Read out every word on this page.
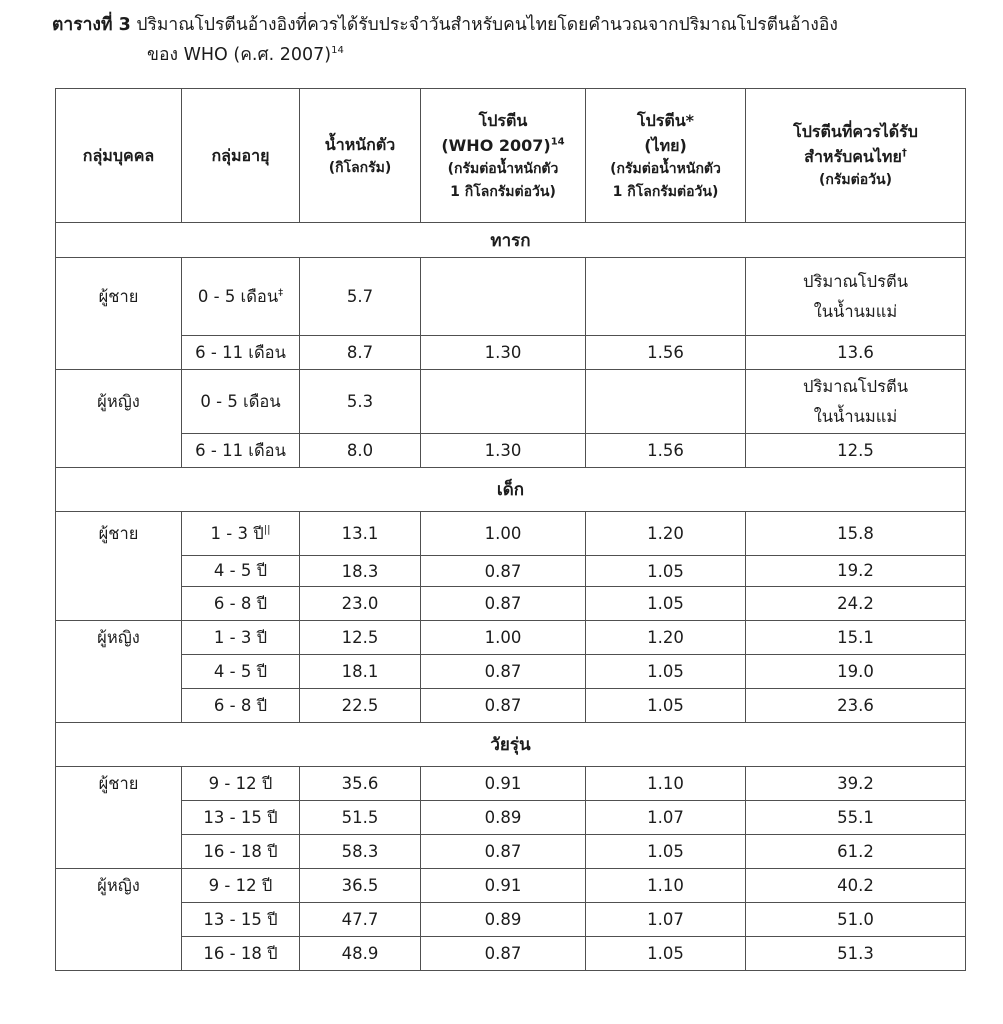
ตารางที่ 3 ปริมาณโปรตีนอ้างอิงที่ควรได้รับประจำวันสำหรับคนไทยโดยคำนวณจากปริมาณโปรตีนอ้างอิง
ของ WHO (ค.ศ. 2007)$^{14}$
กลุ่มบุคคล	กลุ่มอายุ	น้ำหนักตัว
(กิโลกรัม)	โปรตีน
(WHO 2007)$^{14}$
(กรัมต่อน้ำหนักตัว
1 กิโลกรัมต่อวัน)	โปรตีน*
(ไทย)
(กรัมต่อน้ำหนักตัว
1 กิโลกรัมต่อวัน)	โปรตีนที่ควรได้รับ
สำหรับคนไทย†
(กรัมต่อวัน)

ทารก					
ผู้ชาย	0 - 5 เดือน‡	5.7			ปริมาณโปรตีน
ในน้ำนมแม่

	6 - 11 เดือน	8.7	1.30	1.56	13.6

ผู้หญิง	0 - 5 เดือน	5.3			ปริมาณโปรตีน
ในน้ำนมแม่

	6 - 11 เดือน	8.0	1.30	1.56	12.5

เด็ก					
ผู้ชาย	1 - 3 ปี||	13.1	1.00	1.20	15.8

	4 - 5 ปี	18.3	0.87	1.05	19.2

	6 - 8 ปี	23.0	0.87	1.05	24.2

ผู้หญิง	1 - 3 ปี	12.5	1.00	1.20	15.1

	4 - 5 ปี	18.1	0.87	1.05	19.0

	6 - 8 ปี	22.5	0.87	1.05	23.6

วัยรุ่น					
ผู้ชาย	9 - 12 ปี	35.6	0.91	1.10	39.2

	13 - 15 ปี	51.5	0.89	1.07	55.1

	16 - 18 ปี	58.3	0.87	1.05	61.2

ผู้หญิง	9 - 12 ปี	36.5	0.91	1.10	40.2

	13 - 15 ปี	47.7	0.89	1.07	51.0

	16 - 18 ปี	48.9	0.87	1.05	51.3
